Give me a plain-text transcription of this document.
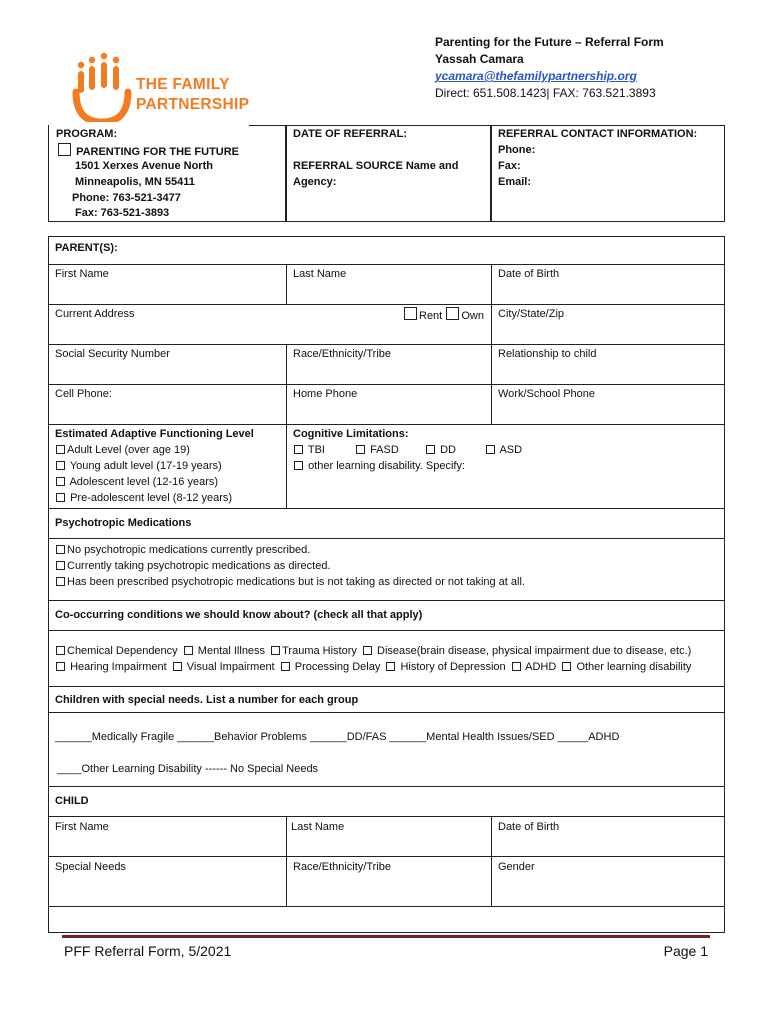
THE FAMILY
PARTNERSHIP
Parenting for the Future – Referral Form
Yassah Camara
ycamara@thefamilypartnership.org
Direct: 651.508.1423| FAX: 763.521.3893
PROGRAM:
PARENTING FOR THE FUTURE
1501 Xerxes Avenue North
Minneapolis, MN 55411
Phone: 763-521-3477
Fax: 763-521-3893
DATE OF REFERRAL:
REFERRAL SOURCE Name and
Agency:
REFERRAL CONTACT INFORMATION:
Phone:
Fax:
Email:
PARENT(S):
First Name	Last Name	Date of Birth
Current Address	Rent Own City/State/Zip
Social Security Number	Race/Ethnicity/Tribe	Relationship to child
Cell Phone:	Home Phone	Work/School Phone
Estimated Adaptive Functioning Level
Adult Level (over age 19)
Young adult level (17-19 years)
Adolescent level (12-16 years)
Pre-adolescent level (8-12 years)
Cognitive Limitations:
TBI	FASD	DD	ASD
other learning disability. Specify:
Psychotropic Medications
No psychotropic medications currently prescribed.
Currently taking psychotropic medications as directed.
Has been prescribed psychotropic medications but is not taking as directed or not taking at all.
Co-occurring conditions we should know about? (check all that apply)
Chemical Dependency Mental Illness Trauma History Disease(brain disease, physical impairment due to disease, etc.)
Hearing Impairment Visual Impairment Processing Delay History of Depression ADHD Other learning disability
Children with special needs. List a number for each group
______Medically Fragile ______Behavior Problems ______DD/FAS ______Mental Health Issues/SED _____ADHD
____Other Learning Disability ------ No Special Needs
CHILD
First Name	Last Name	Date of Birth
Special Needs	Race/Ethnicity/Tribe	Gender
PFF Referral Form, 5/2021	Page 1
